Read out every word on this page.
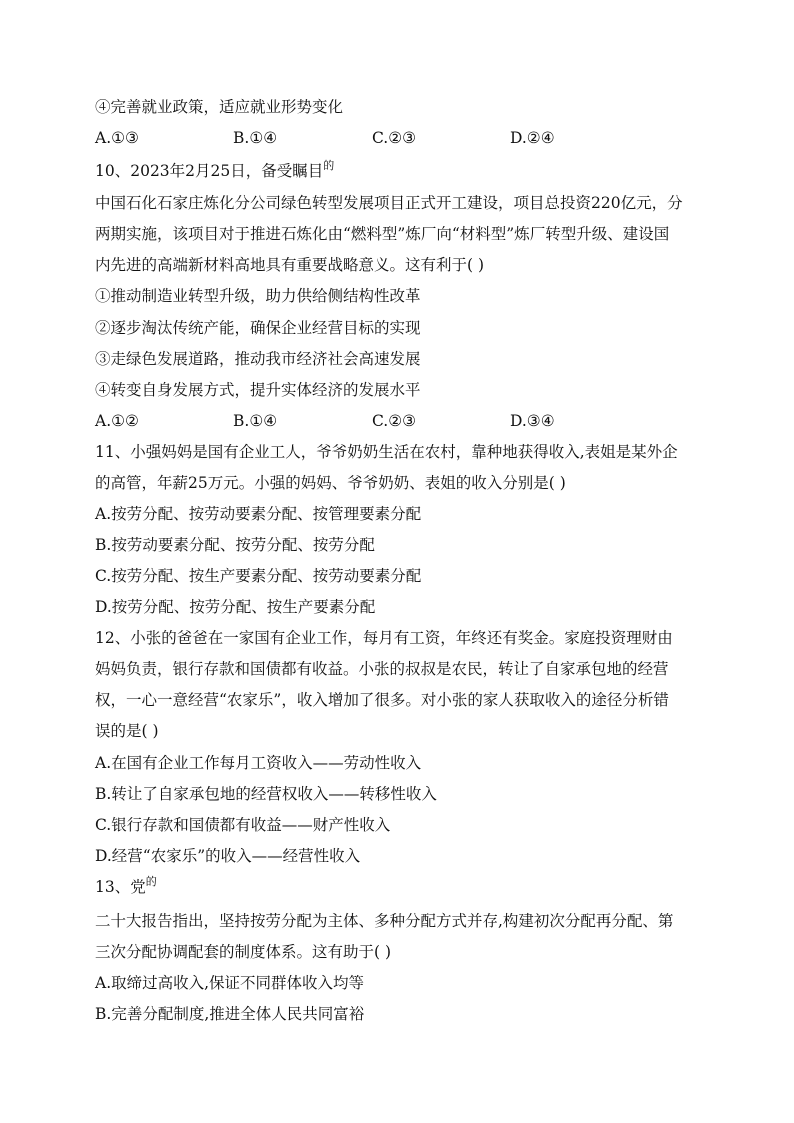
④完善就业政策，适应就业形势变化
A.①③	B.①④	C.②③	D.②④
10、2023年2月25日，备受瞩目$^的$
中国石化石家庄炼化分公司绿色转型发展项目正式开工建设，项目总投资220亿元，分
两期实施，该项目对于推进石炼化由“燃料型”炼厂向“材料型”炼厂转型升级、建设国
内先进的高端新材料高地具有重要战略意义。这有利于( )
①推动制造业转型升级，助力供给侧结构性改革
②逐步淘汰传统产能，确保企业经营目标的实现
③走绿色发展道路，推动我市经济社会高速发展
④转变自身发展方式，提升实体经济的发展水平
A.①②	B.①④	C.②③	D.③④
11、小强妈妈是国有企业工人，爷爷奶奶生活在农村，靠种地获得收入,表姐是某外企
的高管，年薪25万元。小强的妈妈、爷爷奶奶、表姐的收入分别是( )
A.按劳分配、按劳动要素分配、按管理要素分配
B.按劳动要素分配、按劳分配、按劳分配
C.按劳分配、按生产要素分配、按劳动要素分配
D.按劳分配、按劳分配、按生产要素分配
12、小张的爸爸在一家国有企业工作，每月有工资，年终还有奖金。家庭投资理财由
妈妈负责，银行存款和国债都有收益。小张的叔叔是农民，转让了自家承包地的经营
权，一心一意经营“农家乐”，收入增加了很多。对小张的家人获取收入的途径分析错
误的是( )
A.在国有企业工作每月工资收入——劳动性收入
B.转让了自家承包地的经营权收入——转移性收入
C.银行存款和国债都有收益——财产性收入
D.经营“农家乐”的收入——经营性收入
13、党$^的$
二十大报告指出，坚持按劳分配为主体、多种分配方式并存,构建初次分配再分配、第
三次分配协调配套的制度体系。这有助于( )
A.取缔过高收入,保证不同群体收入均等
B.完善分配制度,推进全体人民共同富裕
